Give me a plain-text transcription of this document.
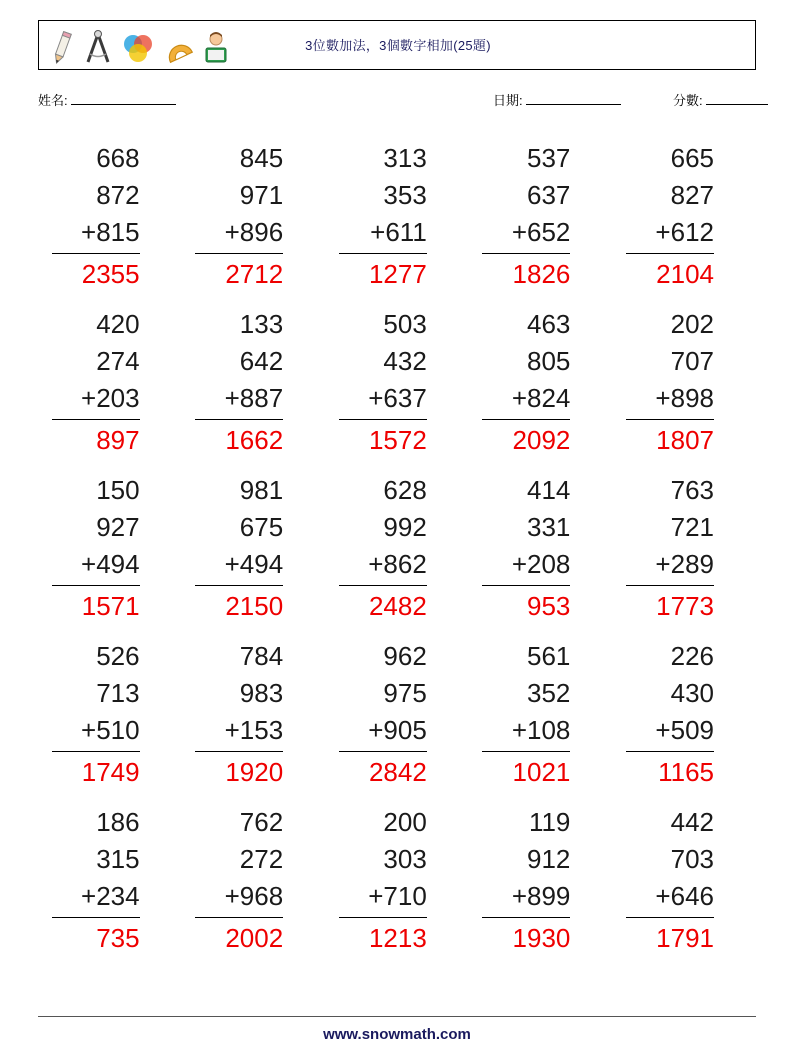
3位數加法，3個數字相加(25題)
姓名:	日期:	分數:
668
872
+815
2355
845
971
+896
2712
313
353
+611
1277
537
637
+652
1826
665
827
+612
2104
420
274
+203
897
133
642
+887
1662
503
432
+637
1572
463
805
+824
2092
202
707
+898
1807
150
927
+494
1571
981
675
+494
2150
628
992
+862
2482
414
331
+208
953
763
721
+289
1773
526
713
+510
1749
784
983
+153
1920
962
975
+905
2842
561
352
+108
1021
226
430
+509
1165
186
315
+234
735
762
272
+968
2002
200
303
+710
1213
119
912
+899
1930
442
703
+646
1791
www.snowmath.com
